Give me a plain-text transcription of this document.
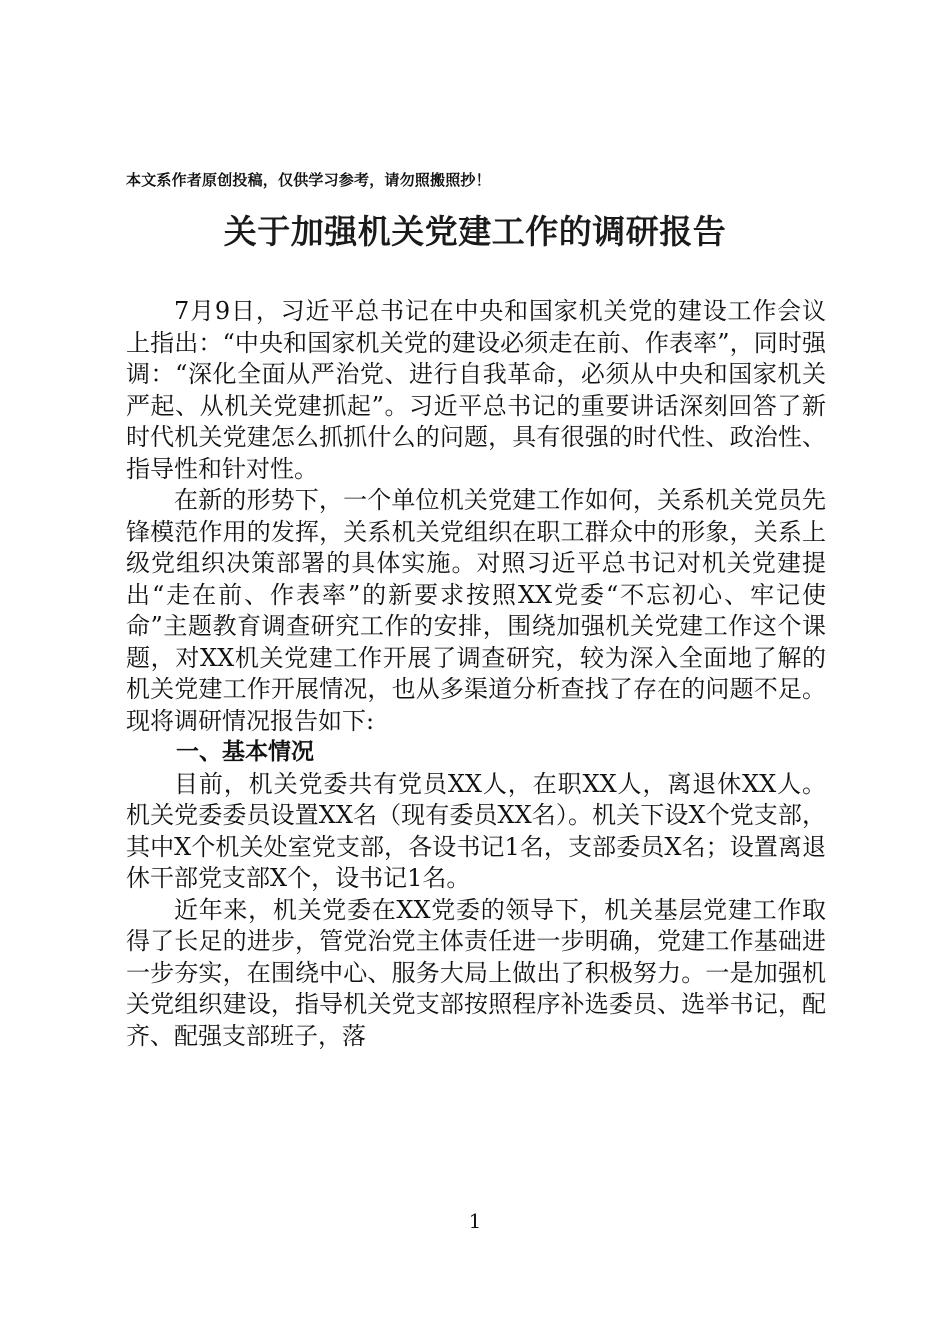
本文系作者原创投稿，仅供学习参考，请勿照搬照抄！
关于加强机关党建工作的调研报告

7月9日，习近平总书记在中央和国家机关党的建设工作会议上指出：“中央和国家机关党的建设必须走在前、作表率”，同时强调：“深化全面从严治党、进行自我革命，必须从中央和国家机关严起、从机关党建抓起”。习近平总书记的重要讲话深刻回答了新时代机关党建怎么抓抓什么的问题，具有很强的时代性、政治性、指导性和针对性。

在新的形势下，一个单位机关党建工作如何，关系机关党员先锋模范作用的发挥，关系机关党组织在职工群众中的形象，关系上级党组织决策部署的具体实施。对照习近平总书记对机关党建提出“走在前、作表率”的新要求按照XX党委“不忘初心、牢记使命”主题教育调查研究工作的安排，围绕加强机关党建工作这个课题，对XX机关党建工作开展了调查研究，较为深入全面地了解的机关党建工作开展情况，也从多渠道分析查找了存在的问题不足。现将调研情况报告如下:

一、基本情况

目前，机关党委共有党员XX人，在职XX人，离退休XX人。机关党委委员设置XX名（现有委员XX名）。机关下设X个党支部，其中X个机关处室党支部，各设书记1名，支部委员X名；设置离退休干部党支部X个，设书记1名。

近年来，机关党委在XX党委的领导下，机关基层党建工作取得了长足的进步，管党治党主体责任进一步明确，党建工作基础进一步夯实，在围绕中心、服务大局上做出了积极努力。一是加强机关党组织建设，指导机关党支部按照程序补选委员、选举书记，配齐、配强支部班子，落

1
